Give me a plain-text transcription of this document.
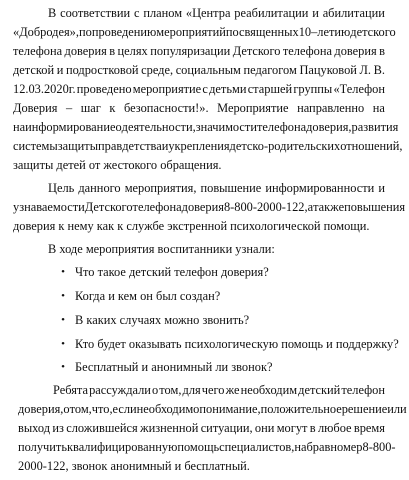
В соответствии с планом «Центра реабилитации и абилитации
«Добродея», по проведению мероприятий посвященных 10 – летию детского
телефона доверия в целях популяризации Детского телефона доверия в
детской и подростковой среде, социальным педагогом Пацуковой Л. В.
12.03.2020г. проведено мероприятие с детьми старшей группы «Телефон
Доверия – шаг к безопасности!». Мероприятие направленно на
на информирование о деятельности, значимости телефона доверия, развития
системы защиты прав детства и укрепления детско-родительских отношений,
защиты детей от жестокого обращения.
Цель данного мероприятия, повышение информированности и
узнаваемости Детского телефона доверия 8-800-2000-122, а так же повышения
доверия к нему как к службе экстренной психологической помощи.
В ходе мероприятия воспитанники узнали:
• Что такое детский телефон доверия?
• Когда и кем он был создан?
• В каких случаях можно звонить?
• Кто будет оказывать психологическую помощь и поддержку?
• Бесплатный и анонимный ли звонок?
Ребята рассуждали о том, для чего же необходим детский телефон
доверия, о том, что, если необходимо понимание, положительное решение или
выход из сложившейся жизненной ситуации, они могут в любое время
получить квалифицированную помощь специалистов, набрав номер 8-800-
2000-122, звонок анонимный и бесплатный.
